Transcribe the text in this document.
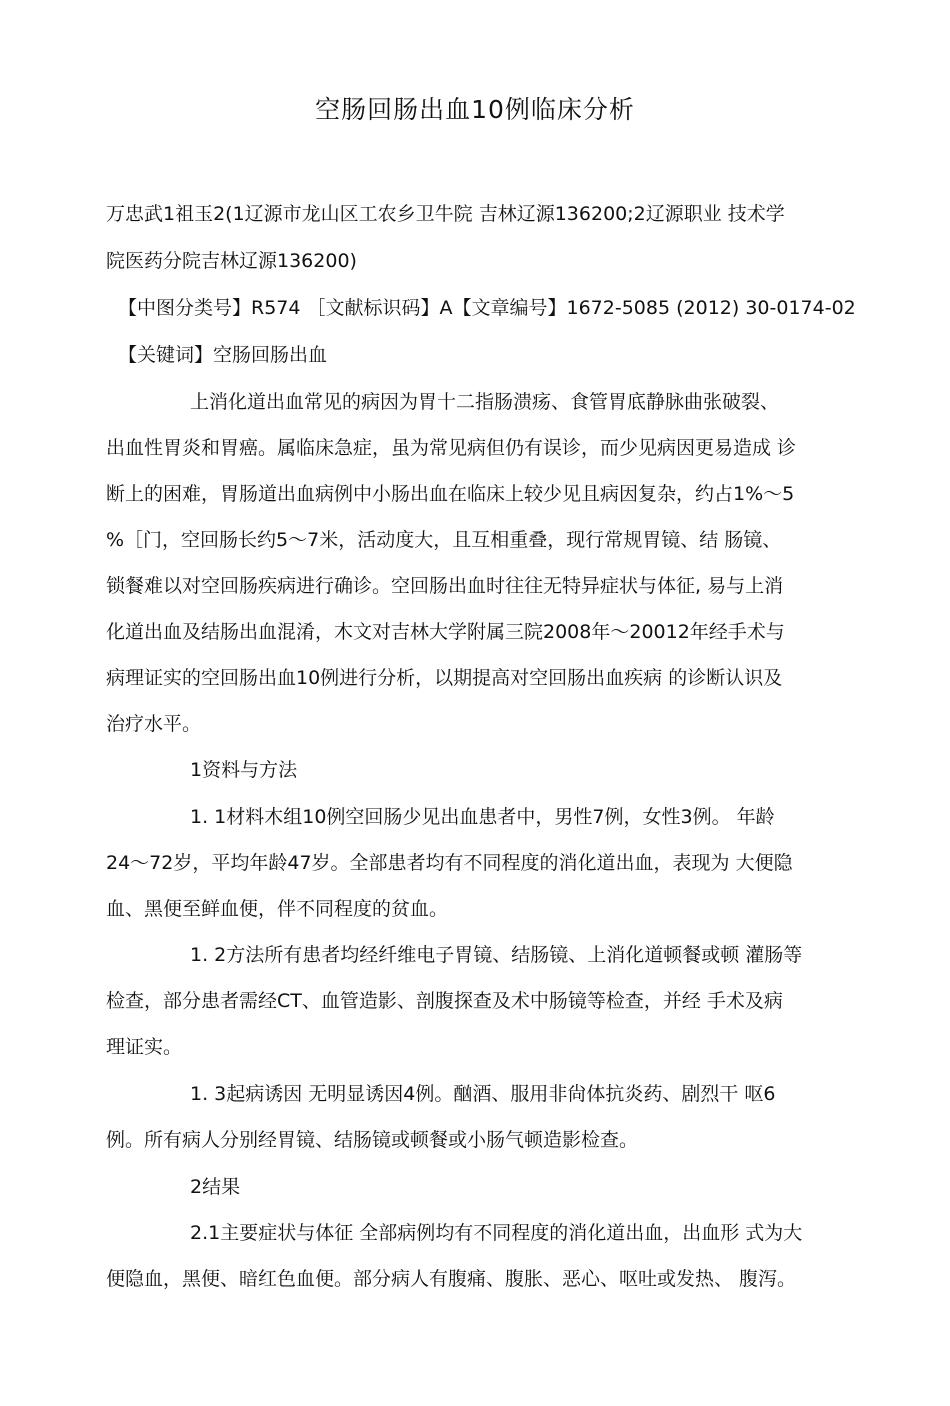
空肠回肠出血10例临床分析
万忠武1祖玉2(1辽源市龙山区工农乡卫牛院 吉林辽源136200;2辽源职业 技术学
院医药分院吉林辽源136200)
【中图分类号】R574 ［文献标识码】A【文章编号】1672-5085 (2012) 30-0174-02
【关键词】空肠回肠出血
上消化道出血常见的病因为胃十二指肠溃疡、食管胃底静脉曲张破裂、
出血性胃炎和胃癌。属临床急症，虽为常见病但仍有误诊，而少见病因更易造成 诊
断上的困难，胃肠道出血病例中小肠出血在临床上较少见且病因复杂，约占1%〜5
%［门，空回肠长约5〜7米，活动度大，且互相重叠，现行常规胃镜、结 肠镜、
锁餐难以对空回肠疾病进行确诊。空回肠出血时往往无特异症状与体征, 易与上消
化道出血及结肠出血混淆，木文对吉林大学附属三院2008年〜20012年经手术与
病理证实的空回肠出血10例进行分析，以期提高对空回肠出血疾病 的诊断认识及
治疗水平。
1资料与方法
1. 1材料木组10例空回肠少见出血患者中，男性7例，女性3例。 年龄
24〜72岁，平均年龄47岁。全部患者均有不同程度的消化道出血，表现为 大便隐
血、黑便至鲜血便，伴不同程度的贫血。
1. 2方法所有患者均经纤维电子胃镜、结肠镜、上消化道顿餐或顿 灌肠等
检查，部分患者需经CT、血管造影、剖腹探查及术中肠镜等检查，并经 手术及病
理证实。
1. 3起病诱因 无明显诱因4例。酗酒、服用非尙体抗炎药、剧烈干 呕6
例。所有病人分别经胃镜、结肠镜或顿餐或小肠气顿造影检查。
2结果
2.1主要症状与体征 全部病例均有不同程度的消化道出血，出血形 式为大
便隐血，黑便、暗红色血便。部分病人有腹痛、腹胀、恶心、呕吐或发热、 腹泻。
